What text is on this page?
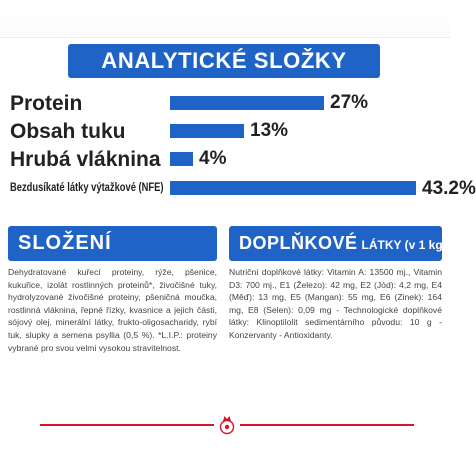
ANALYTICKÉ SLOŽKY
Protein
Obsah tuku
Hrubá vláknina
Bezdusíkaté látky výtažkové (NFE)
27%
13%
4%
43.2%
SLOŽENÍ
Dehydratované kuřecí proteiny, rýže, pšenice, kukuřice, izolát rostlinných proteinů*, živočišné tuky, hydrolyzované živočišné proteiny, pšeničná moučka, rostlinná vláknina, řepné řízky, kvasnice a jejich části, sójový olej, minerální látky, frukto-oligosacharidy, rybí tuk, slupky a semena psyllia (0,5 %). *L.I.P.: proteiny vybrané pro svou velmi vysokou stravitelnost.
DOPLŇKOVÉ LÁTKY (v 1 kg)
Nutriční doplňkové látky: Vitamin A: 13500 mj., Vitamin D3: 700 mj., E1 (Železo): 42 mg, E2 (Jód): 4,2 mg, E4 (Měď): 13 mg, E5 (Mangan): 55 mg, E6 (Zinek): 164 mg, E8 (Selen): 0,09 mg - Technologické doplňkové látky: Klinoptilolit sedimentárního původu: 10 g - Konzervanty - Antioxidanty.
